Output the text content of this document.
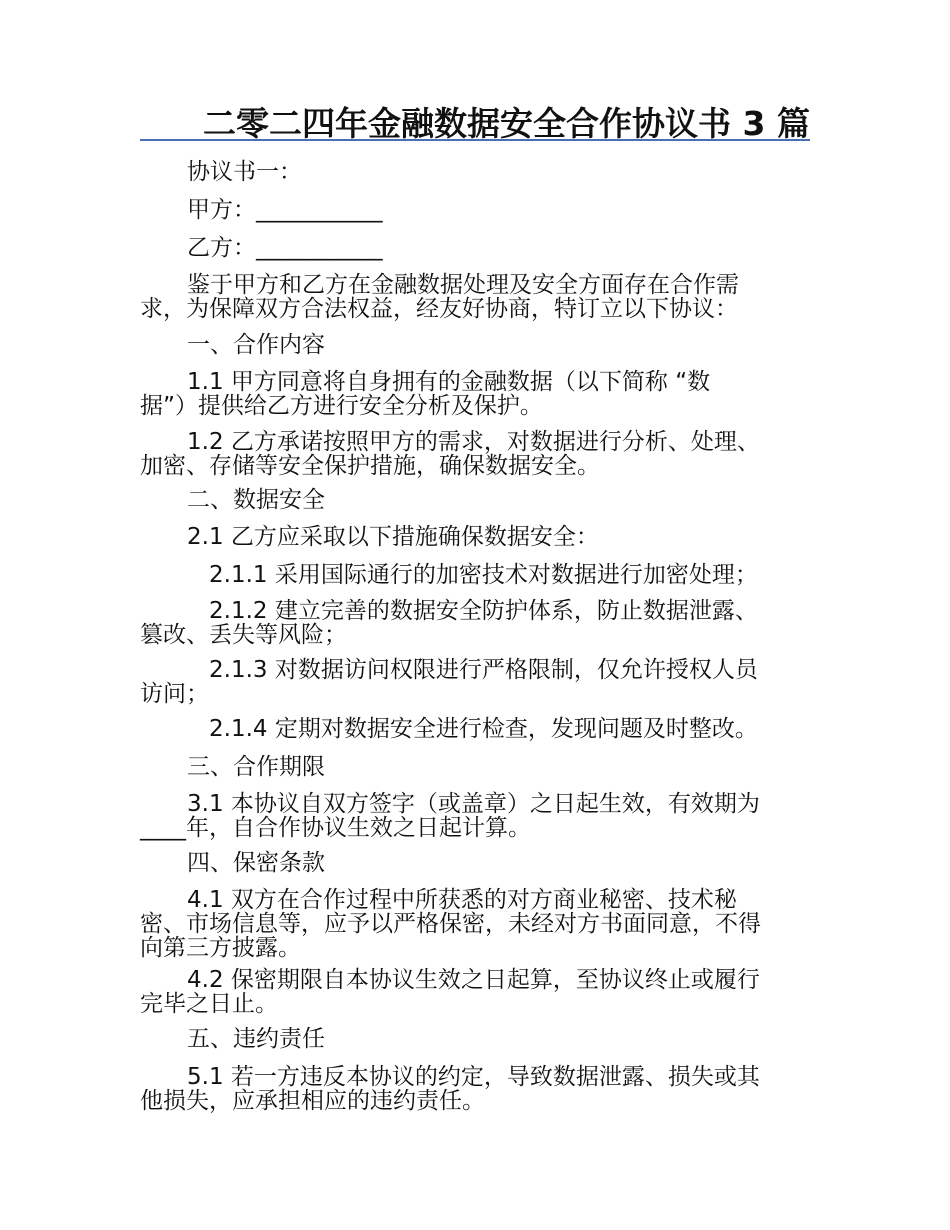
二零二四年金融数据安全合作协议书 3 篇
协议书一：
甲方：___________
乙方：___________
鉴于甲方和乙方在金融数据处理及安全方面存在合作需
求，为保障双方合法权益，经友好协商，特订立以下协议：
一、合作内容
1.1 甲方同意将自身拥有的金融数据（以下简称 “数
据”）提供给乙方进行安全分析及保护。
1.2 乙方承诺按照甲方的需求，对数据进行分析、处理、
加密、存储等安全保护措施，确保数据安全。
二、数据安全
2.1 乙方应采取以下措施确保数据安全：
2.1.1 采用国际通行的加密技术对数据进行加密处理；
2.1.2 建立完善的数据安全防护体系，防止数据泄露、
篡改、丢失等风险；
2.1.3 对数据访问权限进行严格限制，仅允许授权人员
访问；
2.1.4 定期对数据安全进行检查，发现问题及时整改。
三、合作期限
3.1 本协议自双方签字（或盖章）之日起生效，有效期为
____年，自合作协议生效之日起计算。
四、保密条款
4.1 双方在合作过程中所获悉的对方商业秘密、技术秘
密、市场信息等，应予以严格保密，未经对方书面同意，不得
向第三方披露。
4.2 保密期限自本协议生效之日起算，至协议终止或履行
完毕之日止。
五、违约责任
5.1 若一方违反本协议的约定，导致数据泄露、损失或其
他损失，应承担相应的违约责任。
